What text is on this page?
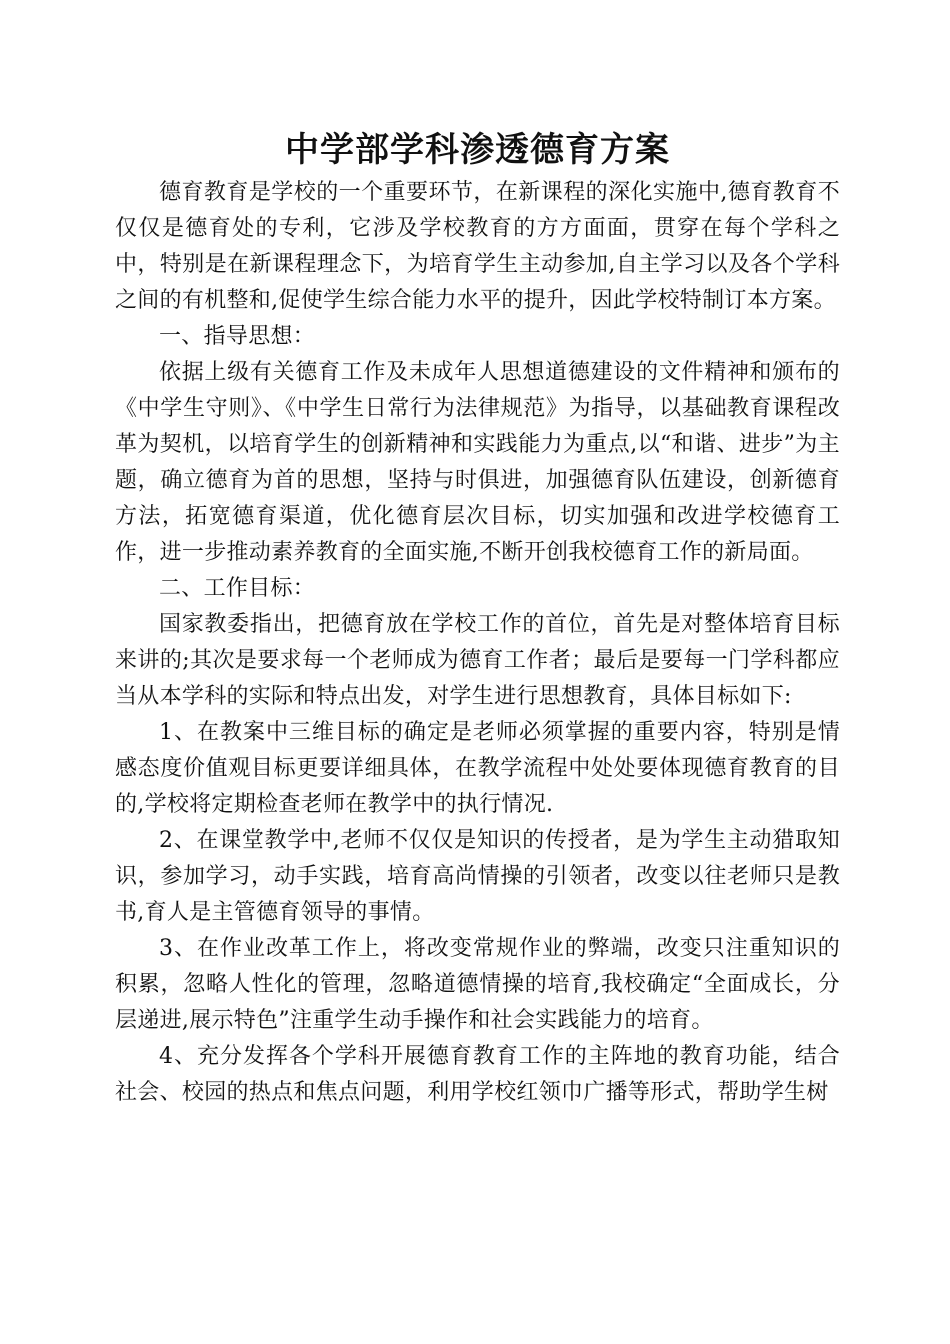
中学部学科渗透德育方案

德育教育是学校的一个重要环节，在新课程的深化实施中,德育教育不仅仅是德育处的专利，它涉及学校教育的方方面面，贯穿在每个学科之中，特别是在新课程理念下，为培育学生主动参加,自主学习以及各个学科之间的有机整和,促使学生综合能力水平的提升，因此学校特制订本方案。

一、指导思想：

依据上级有关德育工作及未成年人思想道德建设的文件精神和颁布的《中学生守则》、《中学生日常行为法律规范》为指导，以基础教育课程改革为契机，以培育学生的创新精神和实践能力为重点,以“和谐、进步”为主题，确立德育为首的思想，坚持与时俱进，加强德育队伍建设，创新德育方法，拓宽德育渠道，优化德育层次目标，切实加强和改进学校德育工作，进一步推动素养教育的全面实施,不断开创我校德育工作的新局面。

二、工作目标：

国家教委指出，把德育放在学校工作的首位，首先是对整体培育目标来讲的;其次是要求每一个老师成为德育工作者；最后是要每一门学科都应当从本学科的实际和特点出发，对学生进行思想教育，具体目标如下:

1、在教案中三维目标的确定是老师必须掌握的重要内容，特别是情感态度价值观目标更要详细具体，在教学流程中处处要体现德育教育的目的,学校将定期检查老师在教学中的执行情况.

2、在课堂教学中,老师不仅仅是知识的传授者，是为学生主动猎取知识，参加学习，动手实践，培育高尚情操的引领者，改变以往老师只是教书,育人是主管德育领导的事情。

3、在作业改革工作上，将改变常规作业的弊端，改变只注重知识的积累，忽略人性化的管理，忽略道德情操的培育,我校确定“全面成长，分层递进,展示特色”注重学生动手操作和社会实践能力的培育。

4、充分发挥各个学科开展德育教育工作的主阵地的教育功能，结合社会、校园的热点和焦点问题，利用学校红领巾广播等形式，帮助学生树
